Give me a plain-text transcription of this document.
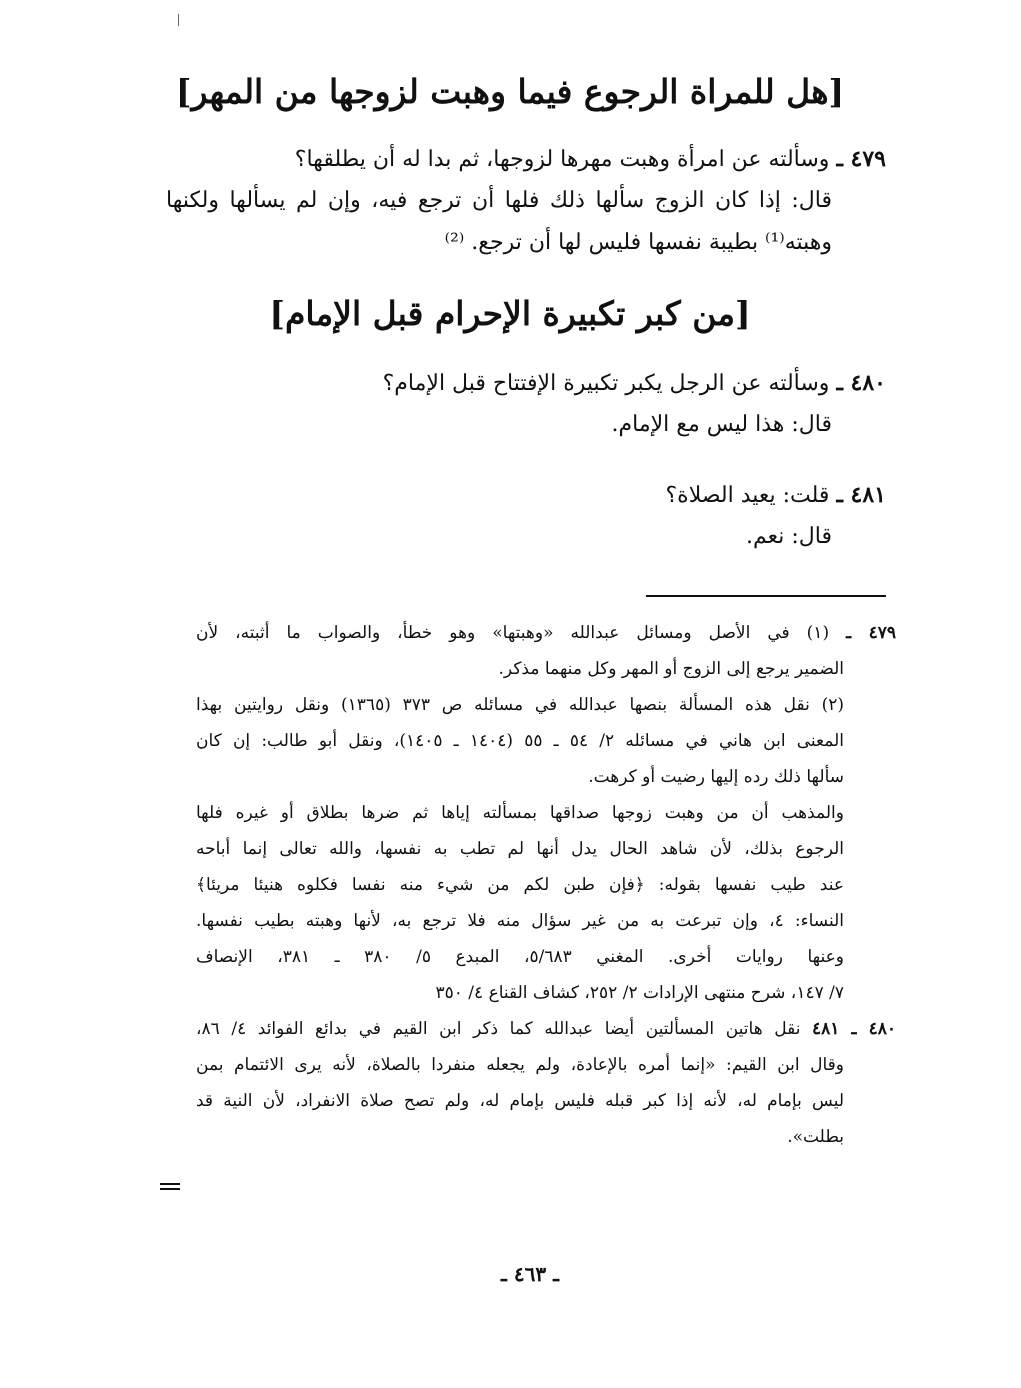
[هل للمراة الرجوع فيما وهبت لزوجها من المهر]
٤٧٩ ـ وسألته عن امرأة وهبت مهرها لزوجها، ثم بدا له أن يطلقها؟
قال: إذا كان الزوج سألها ذلك فلها أن ترجع فيه، وإن لم يسألها ولكنها
وهبته⁽¹⁾ بطيبة نفسها فليس لها أن ترجع. ⁽²⁾
[من كبر تكبيرة الإحرام قبل الإمام]
٤٨٠ ـ وسألته عن الرجل يكبر تكبيرة الإفتتاح قبل الإمام؟
قال: هذا ليس مع الإمام.
٤٨١ ـ قلت: يعيد الصلاة؟
قال: نعم.
٤٧٩ ـ (١) في الأصل ومسائل عبدالله «وهبتها» وهو خطأ، والصواب ما أثبته، لأن
الضمير يرجع إلى الزوج أو المهر وكل منهما مذكر.
(٢) نقل هذه المسألة بنصها عبدالله في مسائله ص ٣٧٣ (١٣٦٥) ونقل روايتين بهذا
المعنى ابن هاني في مسائله ٢/ ٥٤ ـ ٥٥ (١٤٠٤ ـ ١٤٠٥)، ونقل أبو طالب: إن كان
سألها ذلك رده إليها رضيت أو كرهت.
والمذهب أن من وهبت زوجها صداقها بمسألته إياها ثم ضرها بطلاق أو غيره فلها
الرجوع بذلك، لأن شاهد الحال يدل أنها لم تطب به نفسها، والله تعالى إنما أباحه
عند طيب نفسها بقوله: ﴿فإن طبن لكم من شيء منه نفسا فكلوه هنيئا مريئا﴾
النساء: ٤، وإن تبرعت به من غير سؤال منه فلا ترجع به، لأنها وهبته بطيب نفسها.
وعنها روايات أخرى. المغني ٥/٦٨٣، المبدع ٥/ ٣٨٠ ـ ٣٨١، الإنصاف
٧/ ١٤٧، شرح منتهى الإرادات ٢/ ٢٥٢، كشاف القناع ٤/ ٣٥٠
٤٨٠ ـ ٤٨١ نقل هاتين المسألتين أيضا عبدالله كما ذكر ابن القيم في بدائع الفوائد ٤/ ٨٦،
وقال ابن القيم: «إنما أمره بالإعادة، ولم يجعله منفردا بالصلاة، لأنه يرى الائتمام بمن
ليس بإمام له، لأنه إذا كبر قبله فليس بإمام له، ولم تصح صلاة الانفراد، لأن النية قد
بطلت».
ـ ٤٦٣ ـ
